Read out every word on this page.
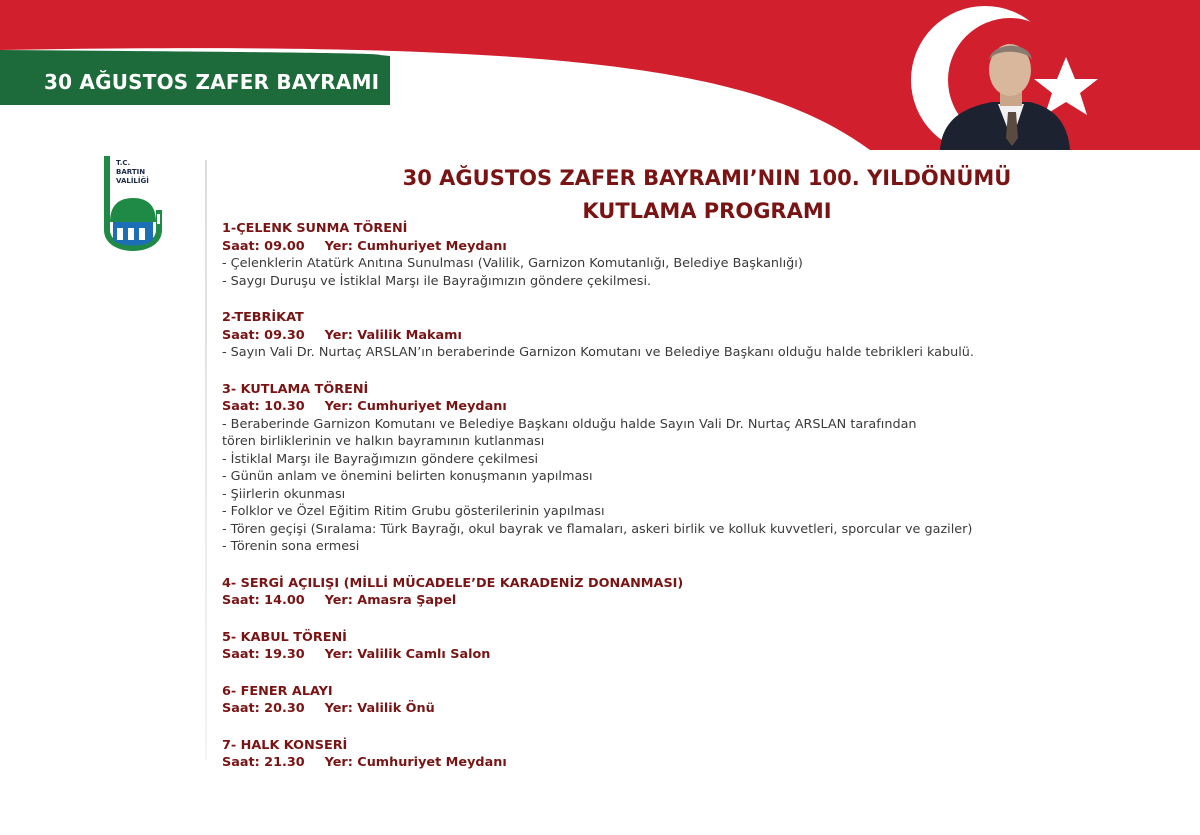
30 AĞUSTOS ZAFER BAYRAMI
T.C.
BARTIN
VALİLİĞİ	30 AĞUSTOS ZAFER BAYRAMI’NIN 100. YILDÖNÜMÜ
KUTLAMA PROGRAMI
1-ÇELENK SUNMA TÖRENİ
Saat: 09.00 Yer: Cumhuriyet Meydanı
- Çelenklerin Atatürk Anıtına Sunulması (Valilik, Garnizon Komutanlığı, Belediye Başkanlığı)
- Saygı Duruşu ve İstiklal Marşı ile Bayrağımızın göndere çekilmesi.
2-TEBRİKAT
Saat: 09.30 Yer: Valilik Makamı
- Sayın Vali Dr. Nurtaç ARSLAN’ın beraberinde Garnizon Komutanı ve Belediye Başkanı olduğu halde tebrikleri kabulü.
3- KUTLAMA TÖRENİ
Saat: 10.30 Yer: Cumhuriyet Meydanı
- Beraberinde Garnizon Komutanı ve Belediye Başkanı olduğu halde Sayın Vali Dr. Nurtaç ARSLAN tarafından
tören birliklerinin ve halkın bayramının kutlanması
- İstiklal Marşı ile Bayrağımızın göndere çekilmesi
- Günün anlam ve önemini belirten konuşmanın yapılması
- Şiirlerin okunması
- Folklor ve Özel Eğitim Ritim Grubu gösterilerinin yapılması
- Tören geçişi (Sıralama: Türk Bayrağı, okul bayrak ve flamaları, askeri birlik ve kolluk kuvvetleri, sporcular ve gaziler)
- Törenin sona ermesi
4- SERGİ AÇILIŞI (MİLLİ MÜCADELE’DE KARADENİZ DONANMASI)
Saat: 14.00 Yer: Amasra Şapel
5- KABUL TÖRENİ
Saat: 19.30 Yer: Valilik Camlı Salon
6- FENER ALAYI
Saat: 20.30 Yer: Valilik Önü
7- HALK KONSERİ
Saat: 21.30 Yer: Cumhuriyet Meydanı
